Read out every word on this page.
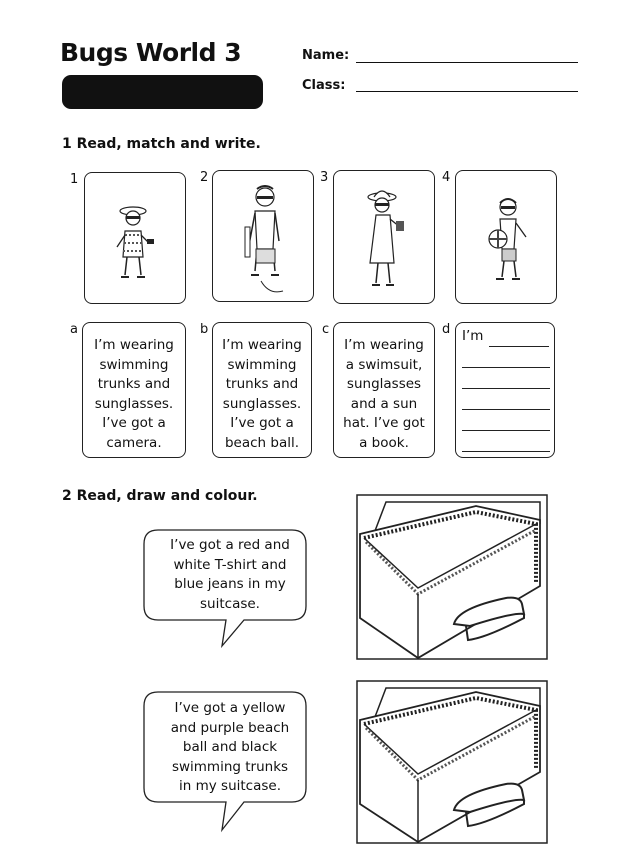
Bugs World 3	Name:
Class:
1 Read, match and write.
1	2	3	4
a	b	c	d
I’m wearing
swimming
trunks and
sunglasses.
I’ve got a
camera.
I’m wearing
swimming
trunks and
sunglasses.
I’ve got a
beach ball.
I’m wearing
a swimsuit,
sunglasses
and a sun
hat. I’ve got
a book.
I’m
2 Read, draw and colour.
I’ve got a red and
white T-shirt and
blue jeans in my
suitcase.
I’ve got a yellow
and purple beach
ball and black
swimming trunks
in my suitcase.
